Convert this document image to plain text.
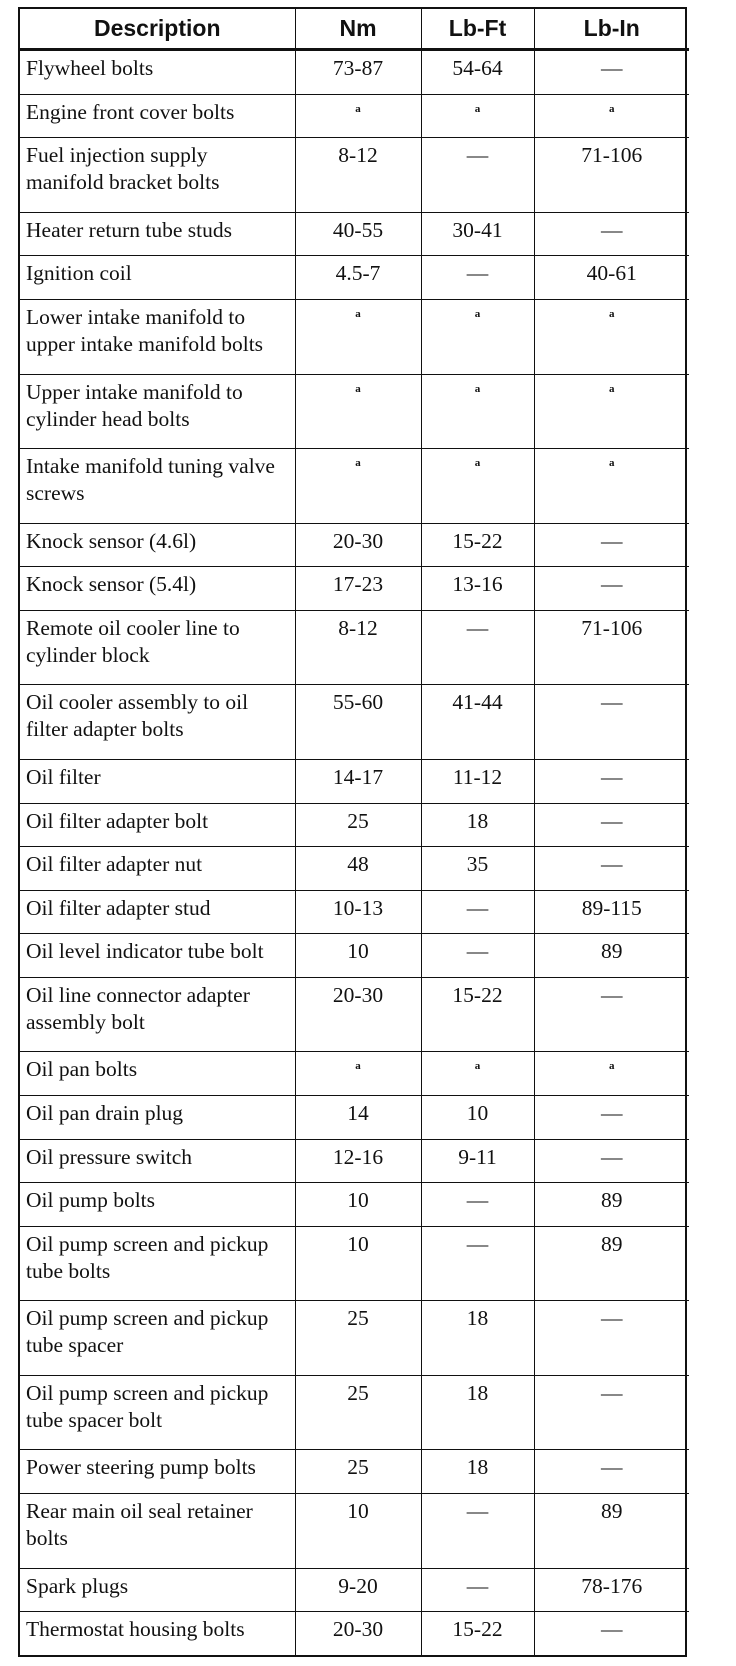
Description	Nm	Lb-Ft	Lb-In
Flywheel bolts	73-87	54-64	—
Engine front cover bolts	a	a	a
Fuel injection supply manifold bracket bolts	8-12	—	71-106
Heater return tube studs	40-55	30-41	—
Ignition coil	4.5-7	—	40-61
Lower intake manifold to upper intake manifold bolts	a	a	a
Upper intake manifold to cylinder head bolts	a	a	a
Intake manifold tuning valve screws	a	a	a
Knock sensor (4.6l)	20-30	15-22	—
Knock sensor (5.4l)	17-23	13-16	—
Remote oil cooler line to cylinder block	8-12	—	71-106
Oil cooler assembly to oil filter adapter bolts	55-60	41-44	—
Oil filter	14-17	11-12	—
Oil filter adapter bolt	25	18	—
Oil filter adapter nut	48	35	—
Oil filter adapter stud	10-13	—	89-115
Oil level indicator tube bolt	10	—	89
Oil line connector adapter assembly bolt	20-30	15-22	—
Oil pan bolts	a	a	a
Oil pan drain plug	14	10	—
Oil pressure switch	12-16	9-11	—
Oil pump bolts	10	—	89
Oil pump screen and pickup tube bolts	10	—	89
Oil pump screen and pickup tube spacer	25	18	—
Oil pump screen and pickup tube spacer bolt	25	18	—
Power steering pump bolts	25	18	—
Rear main oil seal retainer bolts	10	—	89
Spark plugs	9-20	—	78-176
Thermostat housing bolts	20-30	15-22	—
